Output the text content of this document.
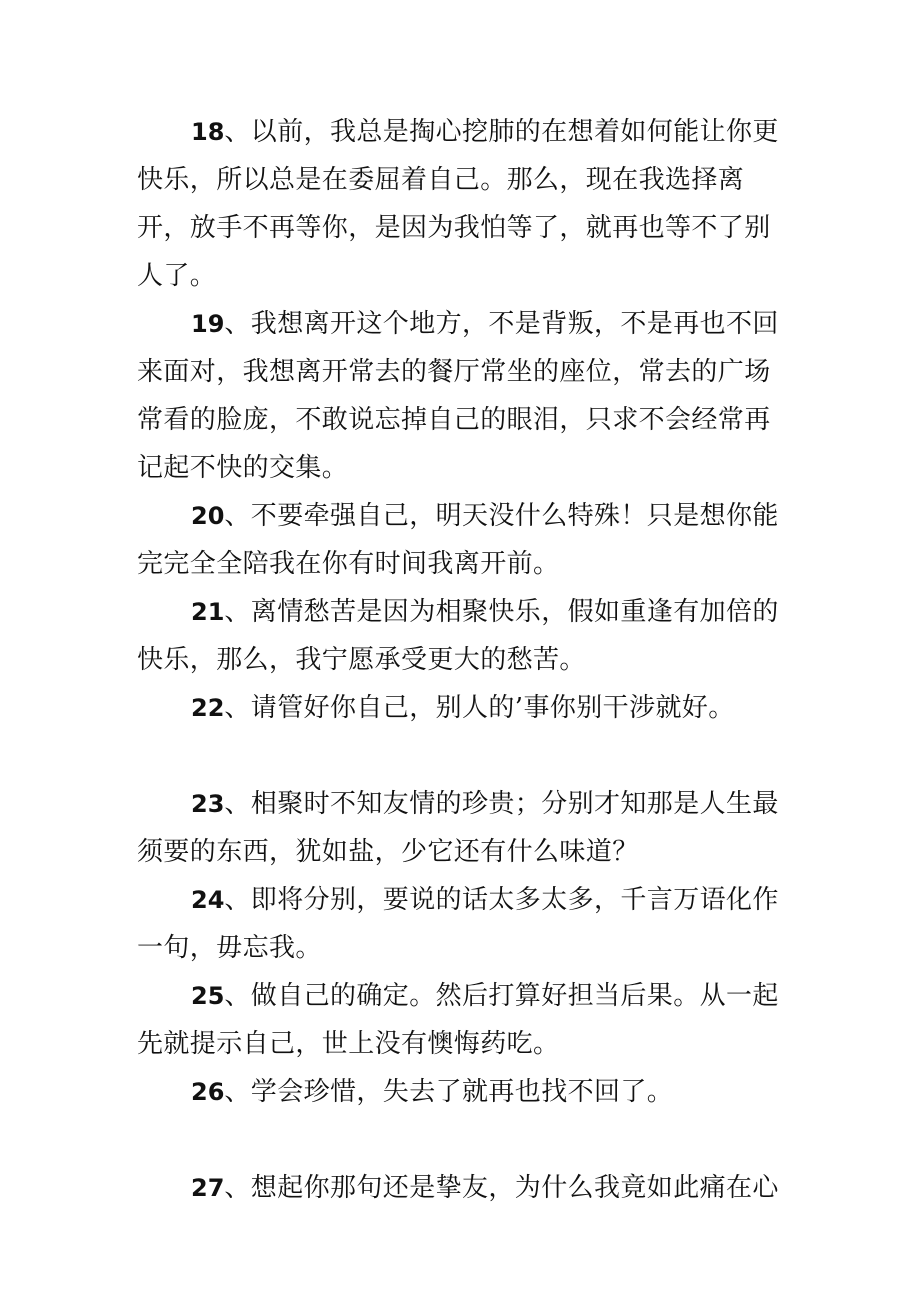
18、以前，我总是掏心挖肺的在想着如何能让你更快乐，所以总是在委屈着自己。那么，现在我选择离开，放手不再等你，是因为我怕等了，就再也等不了别人了。

19、我想离开这个地方，不是背叛，不是再也不回来面对，我想离开常去的餐厅常坐的座位，常去的广场常看的脸庞，不敢说忘掉自己的眼泪，只求不会经常再记起不快的交集。

20、不要牵强自己，明天没什么特殊！只是想你能完完全全陪我在你有时间我离开前。

21、离情愁苦是因为相聚快乐，假如重逢有加倍的快乐，那么，我宁愿承受更大的愁苦。

22、请管好你自己，别人的’事你别干涉就好。

23、相聚时不知友情的珍贵；分别才知那是人生最须要的东西，犹如盐，少它还有什么味道？

24、即将分别，要说的话太多太多，千言万语化作一句，毋忘我。

25、做自己的确定。然后打算好担当后果。从一起先就提示自己，世上没有懊悔药吃。

26、学会珍惜，失去了就再也找不回了。

27、想起你那句还是挚友，为什么我竟如此痛在心
